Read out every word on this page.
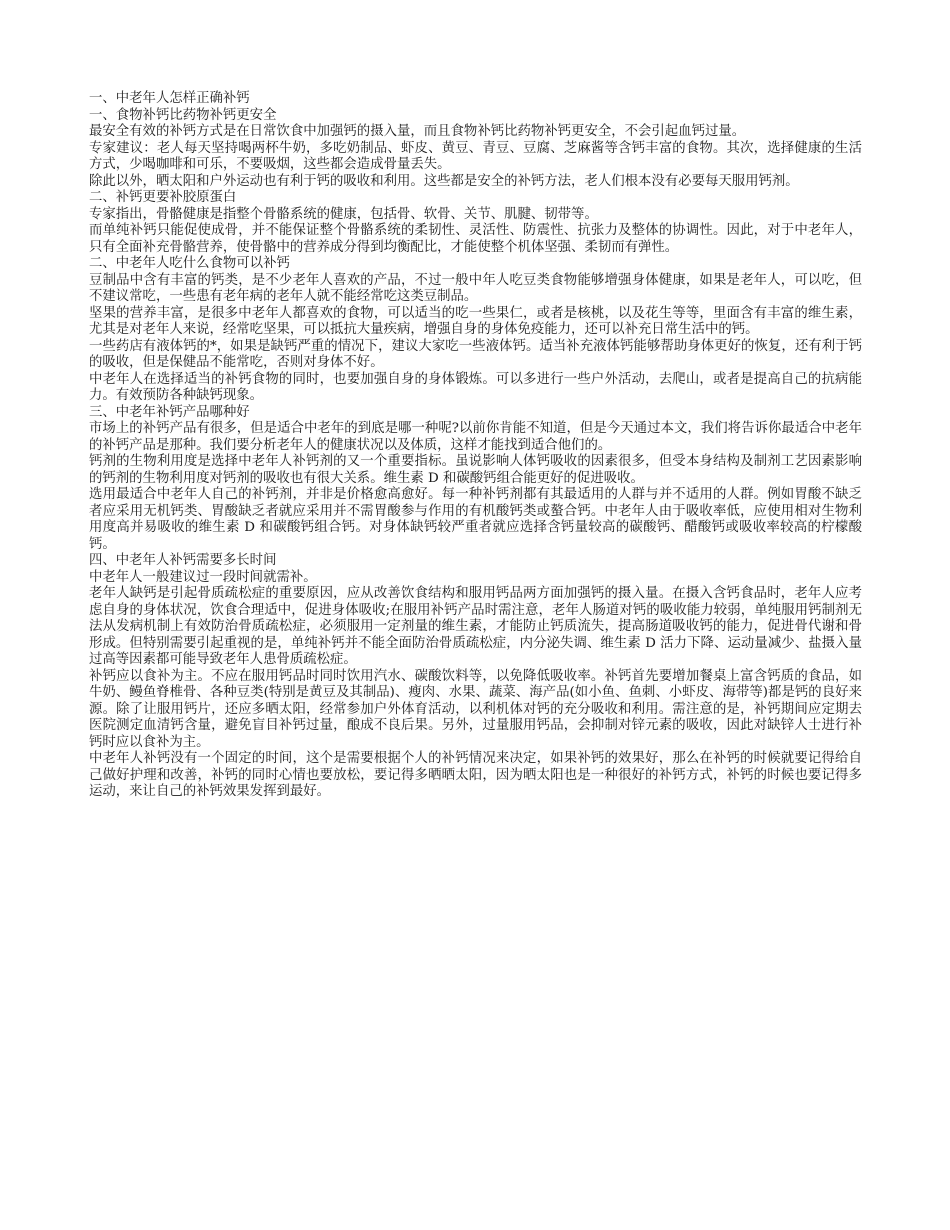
一、中老年人怎样正确补钙

一、食物补钙比药物补钙更安全

最安全有效的补钙方式是在日常饮食中加强钙的摄入量，而且食物补钙比药物补钙更安全，不会引起血钙过量。

专家建议：老人每天坚持喝两杯牛奶，多吃奶制品、虾皮、黄豆、青豆、豆腐、芝麻酱等含钙丰富的食物。其次，选择健康的生活方式，少喝咖啡和可乐，不要吸烟，这些都会造成骨量丢失。

除此以外，晒太阳和户外运动也有利于钙的吸收和利用。这些都是安全的补钙方法，老人们根本没有必要每天服用钙剂。

二、补钙更要补胶原蛋白

专家指出，骨骼健康是指整个骨骼系统的健康，包括骨、软骨、关节、肌腱、韧带等。

而单纯补钙只能促使成骨，并不能保证整个骨骼系统的柔韧性、灵活性、防震性、抗张力及整体的协调性。因此，对于中老年人，只有全面补充骨骼营养，使骨骼中的营养成分得到均衡配比，才能使整个机体坚强、柔韧而有弹性。

二、中老年人吃什么食物可以补钙

豆制品中含有丰富的钙类，是不少老年人喜欢的产品，不过一般中年人吃豆类食物能够增强身体健康，如果是老年人，可以吃，但不建议常吃，一些患有老年病的老年人就不能经常吃这类豆制品。

坚果的营养丰富，是很多中老年人都喜欢的食物，可以适当的吃一些果仁，或者是核桃，以及花生等等，里面含有丰富的维生素，尤其是对老年人来说，经常吃坚果，可以抵抗大量疾病，增强自身的身体免疫能力，还可以补充日常生活中的钙。

一些药店有液体钙的*，如果是缺钙严重的情况下，建议大家吃一些液体钙。适当补充液体钙能够帮助身体更好的恢复，还有利于钙的吸收，但是保健品不能常吃，否则对身体不好。

中老年人在选择适当的补钙食物的同时，也要加强自身的身体锻炼。可以多进行一些户外活动，去爬山，或者是提高自己的抗病能力。有效预防各种缺钙现象。

三、中老年补钙产品哪种好

市场上的补钙产品有很多，但是适合中老年的到底是哪一种呢?以前你肯能不知道，但是今天通过本文，我们将告诉你最适合中老年的补钙产品是那种。我们要分析老年人的健康状况以及体质，这样才能找到适合他们的。

钙剂的生物利用度是选择中老年人补钙剂的又一个重要指标。虽说影响人体钙吸收的因素很多，但受本身结构及制剂工艺因素影响的钙剂的生物利用度对钙剂的吸收也有很大关系。维生素 D 和碳酸钙组合能更好的促进吸收。

选用最适合中老年人自己的补钙剂，并非是价格愈高愈好。每一种补钙剂都有其最适用的人群与并不适用的人群。例如胃酸不缺乏者应采用无机钙类、胃酸缺乏者就应采用并不需胃酸参与作用的有机酸钙类或螯合钙。中老年人由于吸收率低，应使用相对生物利用度高并易吸收的维生素 D 和碳酸钙组合钙。对身体缺钙较严重者就应选择含钙量较高的碳酸钙、醋酸钙或吸收率较高的柠檬酸钙。

四、中老年人补钙需要多长时间

中老年人一般建议过一段时间就需补。

老年人缺钙是引起骨质疏松症的重要原因，应从改善饮食结构和服用钙品两方面加强钙的摄入量。在摄入含钙食品时，老年人应考虑自身的身体状况，饮食合理适中，促进身体吸收;在服用补钙产品时需注意，老年人肠道对钙的吸收能力较弱，单纯服用钙制剂无法从发病机制上有效防治骨质疏松症，必须服用一定剂量的维生素，才能防止钙质流失，提高肠道吸收钙的能力，促进骨代谢和骨形成。但特别需要引起重视的是，单纯补钙并不能全面防治骨质疏松症，内分泌失调、维生素 D 活力下降、运动量减少、盐摄入量过高等因素都可能导致老年人患骨质疏松症。

补钙应以食补为主。不应在服用钙品时同时饮用汽水、碳酸饮料等，以免降低吸收率。补钙首先要增加餐桌上富含钙质的食品，如牛奶、鳗鱼脊椎骨、各种豆类(特别是黄豆及其制品)、瘦肉、水果、蔬菜、海产品(如小鱼、鱼刺、小虾皮、海带等)都是钙的良好来源。除了让服用钙片，还应多晒太阳，经常参加户外体育活动，以利机体对钙的充分吸收和利用。需注意的是，补钙期间应定期去医院测定血清钙含量，避免盲目补钙过量，酿成不良后果。另外，过量服用钙品，会抑制对锌元素的吸收，因此对缺锌人士进行补钙时应以食补为主。

中老年人补钙没有一个固定的时间，这个是需要根据个人的补钙情况来决定，如果补钙的效果好，那么在补钙的时候就要记得给自己做好护理和改善，补钙的同时心情也要放松，要记得多晒晒太阳，因为晒太阳也是一种很好的补钙方式，补钙的时候也要记得多运动，来让自己的补钙效果发挥到最好。
